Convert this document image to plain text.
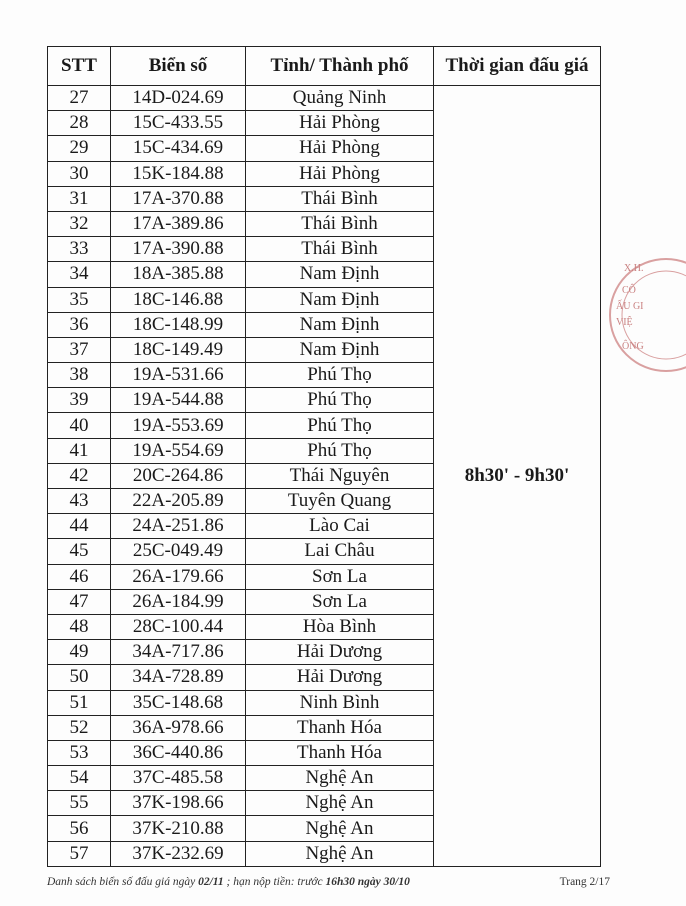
STT	Biển số	Tỉnh/ Thành phố	Thời gian đấu giá
27	14D-024.69	Quảng Ninh	8h30' - 9h30'
28	15C-433.55	Hải Phòng	
29	15C-434.69	Hải Phòng	
30	15K-184.88	Hải Phòng	
31	17A-370.88	Thái Bình	
32	17A-389.86	Thái Bình	
33	17A-390.88	Thái Bình	
34	18A-385.88	Nam Định	
35	18C-146.88	Nam Định	
36	18C-148.99	Nam Định	
37	18C-149.49	Nam Định	
38	19A-531.66	Phú Thọ	
39	19A-544.88	Phú Thọ	
40	19A-553.69	Phú Thọ	
41	19A-554.69	Phú Thọ	
42	20C-264.86	Thái Nguyên	
43	22A-205.89	Tuyên Quang	
44	24A-251.86	Lào Cai	
45	25C-049.49	Lai Châu	
46	26A-179.66	Sơn La	
47	26A-184.99	Sơn La	
48	28C-100.44	Hòa Bình	
49	34A-717.86	Hải Dương	
50	34A-728.89	Hải Dương	
51	35C-148.68	Ninh Bình	
52	36A-978.66	Thanh Hóa	
53	36C-440.86	Thanh Hóa	
54	37C-485.58	Nghệ An	
55	37K-198.66	Nghệ An	
56	37K-210.88	Nghệ An	
57	37K-232.69	Nghệ An	
Danh sách biển số đấu giá ngày 02/11 ; hạn nộp tiền: trước 16h30 ngày 30/10	Trang 2/17
X.H.
CÔ
ẤU GI
VIỆ
ÔNG
